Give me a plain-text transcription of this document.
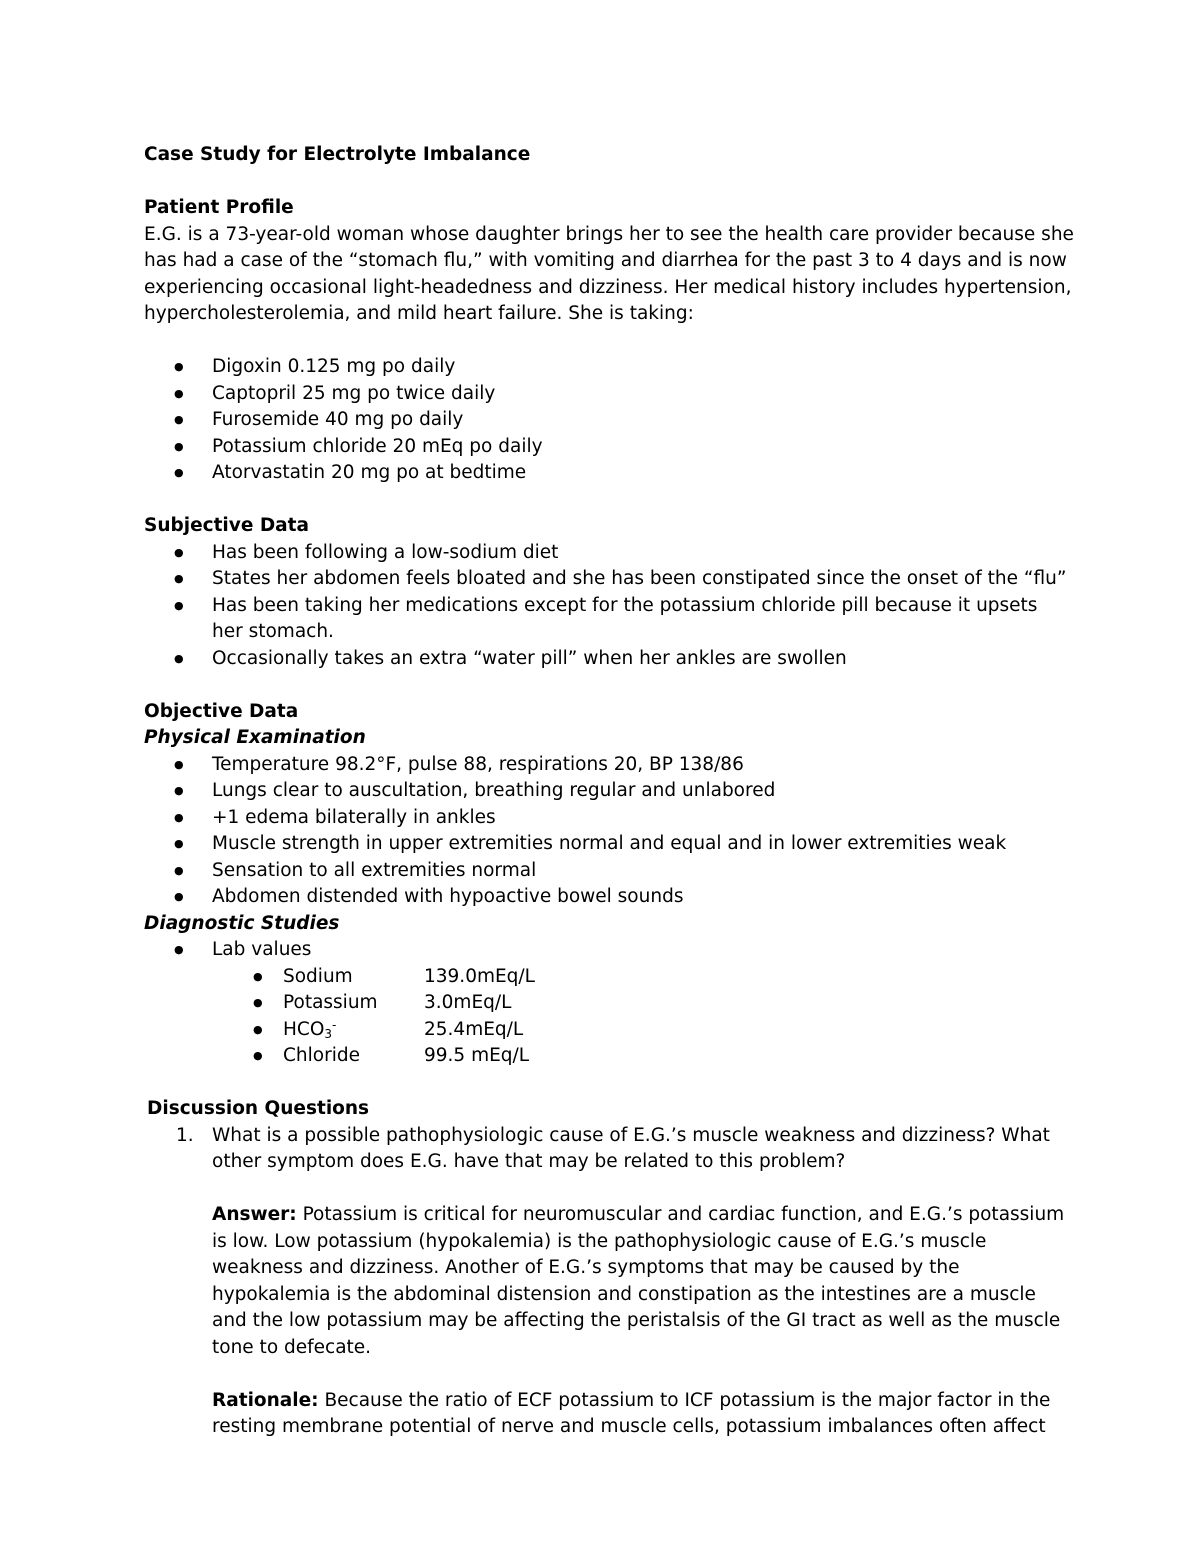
Case Study for Electrolyte Imbalance
Patient Profile

E.G. is a 73-year-old woman whose daughter brings her to see the health care provider because she has had a case of the “stomach flu,” with vomiting and diarrhea for the past 3 to 4 days and is now experiencing occasional light-headedness and dizziness. Her medical history includes hypertension, hypercholesterolemia, and mild heart failure. She is taking:

● Digoxin 0.125 mg po daily
● Captopril 25 mg po twice daily
● Furosemide 40 mg po daily
● Potassium chloride 20 mEq po daily
● Atorvastatin 20 mg po at bedtime
Subjective Data
● Has been following a low-sodium diet
● States her abdomen feels bloated and she has been constipated since the onset of the “flu”
● Has been taking her medications except for the potassium chloride pill because it upsets her stomach.
● Occasionally takes an extra “water pill” when her ankles are swollen
Objective Data
Physical Examination
● Temperature 98.2°F, pulse 88, respirations 20, BP 138/86
● Lungs clear to auscultation, breathing regular and unlabored
● +1 edema bilaterally in ankles
● Muscle strength in upper extremities normal and equal and in lower extremities weak
● Sensation to all extremities normal
● Abdomen distended with hypoactive bowel sounds
Diagnostic Studies
● Lab values
● Sodium	139.0mEq/L
● Potassium	3.0mEq/L
● $HCO_3^-$	25.4mEq/L
● Chloride	99.5 mEq/L
Discussion Questions
1. What is a possible pathophysiologic cause of E.G.’s muscle weakness and dizziness? What other symptom does E.G. have that may be related to this problem?
Answer: Potassium is critical for neuromuscular and cardiac function, and E.G.’s potassium is low. Low potassium (hypokalemia) is the pathophysiologic cause of E.G.’s muscle weakness and dizziness. Another of E.G.’s symptoms that may be caused by the hypokalemia is the abdominal distension and constipation as the intestines are a muscle and the low potassium may be affecting the peristalsis of the GI tract as well as the muscle tone to defecate.
Rationale: Because the ratio of ECF potassium to ICF potassium is the major factor in the resting membrane potential of nerve and muscle cells, potassium imbalances often affect
